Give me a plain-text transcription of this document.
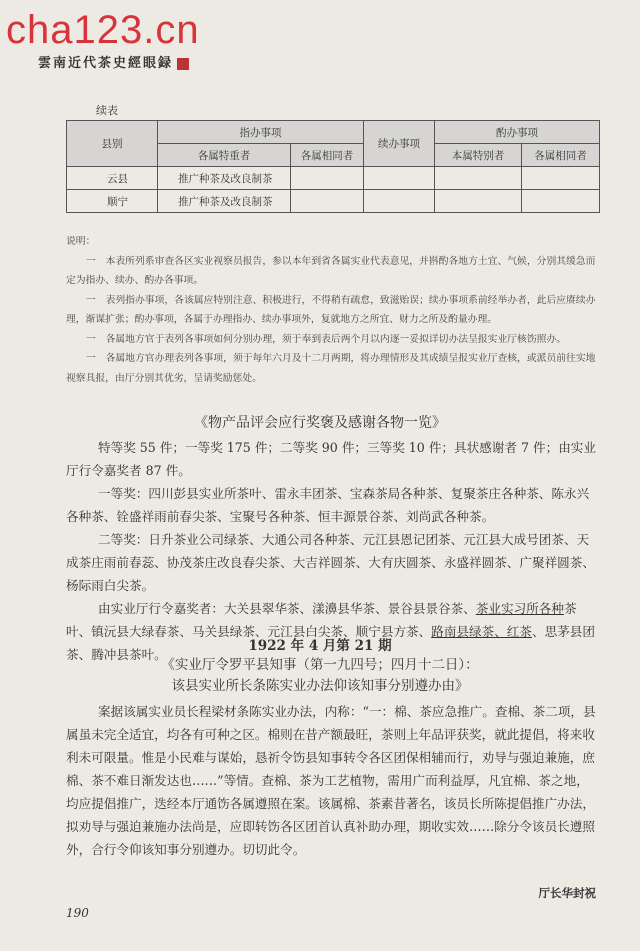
cha123.cn
雲南近代茶史經眼録
续表
县别	指办事项		续办事项	酌办事项	
	各属特重者	各属相同者		本属特别者	各属相同者
云县	推广种茶及改良制茶				
顺宁	推广种茶及改良制茶				

说明：

一　本表所列系审查各区实业视察员报告，参以本年到省各属实业代表意见，并斟酌各地方土宜、气候，分别其缓急而定为指办、续办、酌办各事项。

一　表列指办事项，各该属应特别注意、积极进行，不得稍有疏怠，致滋贻误；续办事项系前经举办者，此后应赓续办理，渐谋扩张；酌办事项，各属于办理指办、续办事项外，复就地方之所宜、财力之所及酌量办理。

一　各属地方官于表列各事项如何分别办理，须于奉到表后两个月以内逐一妥拟详切办法呈报实业厅核饬照办。

一　各属地方官办理表列各事项，须于每年六月及十二月两期，将办理情形及其成绩呈报实业厅查核，或派员前往实地视察具报，由厅分别其优劣，呈请奖励惩处。

《物产品评会应行奖褒及感谢各物一览》

特等奖 55 件；一等奖 175 件；二等奖 90 件；三等奖 10 件；具状感谢者 7 件；由实业厅行令嘉奖者 87 件。

一等奖：四川彭县实业所茶叶、雷永丰团茶、宝森茶局各种茶、复聚茶庄各种茶、陈永兴各种茶、铨盛祥雨前春尖茶、宝聚号各种茶、恒丰源景谷茶、刘尚武各种茶。

二等奖：日升茶业公司绿茶、大通公司各种茶、元江县恩记团茶、元江县大成号团茶、天成茶庄雨前春蕊、协茂茶庄改良春尖茶、大吉祥圆茶、大有庆圆茶、永盛祥圆茶、广聚祥圆茶、杨际雨白尖茶。

由实业厅行令嘉奖者：大关县翠华茶、漾濞县华茶、景谷县景谷茶、茶业实习所各种茶叶、镇沅县大绿春茶、马关县绿茶、元江县白尖茶、顺宁县方茶、路南县绿茶、红茶、思茅县团茶、腾冲县茶叶。

1922 年 4 月第 21 期
《实业厅令罗平县知事（第一九四号；四月十二日）：
该县实业所长条陈实业办法仰该知事分别遵办由》

案据该属实业员长程梁材条陈实业办法，内称：“一：棉、茶应急推广。查棉、茶二项，县属虽未完全适宜，均各有可种之区。棉则在昔产额最旺，茶则上年品评获奖，就此提倡，将来收利未可限量。惟是小民难与谋始，恳祈令饬县知事转令各区团保相辅而行，劝导与强迫兼施，庶棉、茶不难日渐发达也……”等情。查棉、茶为工艺植物，需用广而利益厚，凡宜棉、茶之地，均应提倡推广，迭经本厅通饬各属遵照在案。该属棉、茶素昔著名，该员长所陈提倡推广办法，拟劝导与强迫兼施办法尚是，应即转饬各区团首认真补助办理，期收实效……除分令该员长遵照外，合行令仰该知事分别遵办。切切此令。

厅长华封祝
190
